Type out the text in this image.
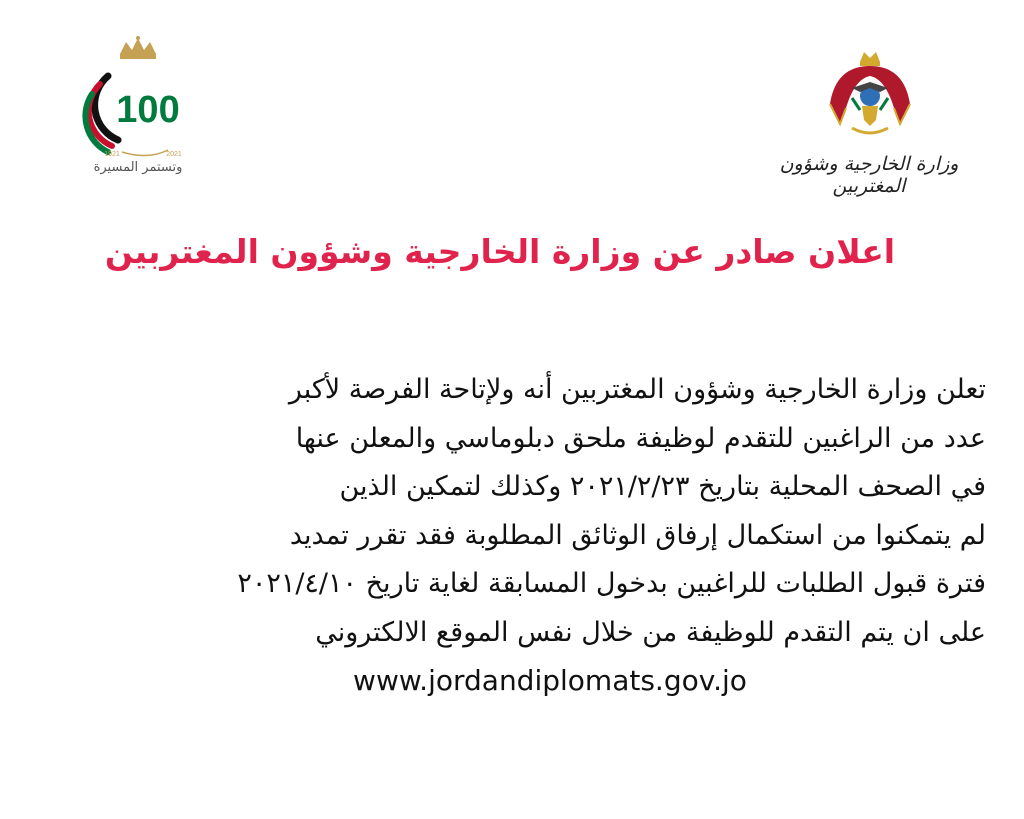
100
1921	2021
وتستمر المسيرة	وزارة الخارجية وشؤون المغتربين
اعلان صادر عن وزارة الخارجية وشؤون المغتربين
تعلن وزارة الخارجية وشؤون المغتربين أنه ولإتاحة الفرصة لأكبر
عدد من الراغبين للتقدم لوظيفة ملحق دبلوماسي والمعلن عنها
في الصحف المحلية بتاريخ ٢٠٢١/٢/٢٣ وكذلك لتمكين الذين
لم يتمكنوا من استكمال إرفاق الوثائق المطلوبة فقد تقرر تمديد
فترة قبول الطلبات للراغبين بدخول المسابقة لغاية تاريخ ٢٠٢١/٤/١٠
على ان يتم التقدم للوظيفة من خلال نفس الموقع الالكتروني
www.jordandiplomats.gov.jo
